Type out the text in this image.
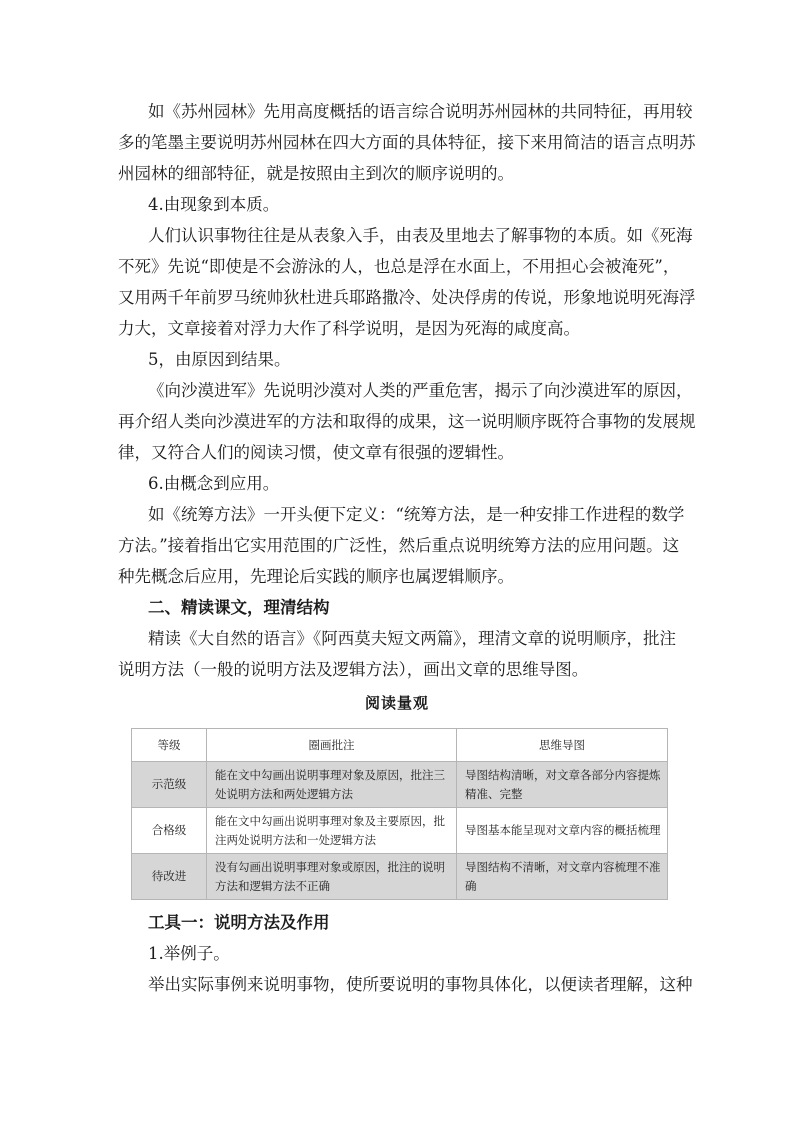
如《苏州园林》先用高度概括的语言综合说明苏州园林的共同特征，再用较
多的笔墨主要说明苏州园林在四大方面的具体特征，接下来用简洁的语言点明苏
州园林的细部特征，就是按照由主到次的顺序说明的。
4.由现象到本质。
人们认识事物往往是从表象入手，由表及里地去了解事物的本质。如《死海
不死》先说“即使是不会游泳的人，也总是浮在水面上，不用担心会被淹死”，
又用两千年前罗马统帅狄杜进兵耶路撒冷、处决俘虏的传说，形象地说明死海浮
力大，文章接着对浮力大作了科学说明，是因为死海的咸度高。
5，由原因到结果。
《向沙漠进军》先说明沙漠对人类的严重危害，揭示了向沙漠进军的原因，
再介绍人类向沙漠进军的方法和取得的成果，这一说明顺序既符合事物的发展规
律，又符合人们的阅读习惯，使文章有很强的逻辑性。
6.由概念到应用。
如《统筹方法》一开头便下定义：“统筹方法，是一种安排工作进程的数学
方法。”接着指出它实用范围的广泛性，然后重点说明统筹方法的应用问题。这
种先概念后应用，先理论后实践的顺序也属逻辑顺序。
二、精读课文，理清结构
精读《大自然的语言》《阿西莫夫短文两篇》，理清文章的说明顺序，批注
说明方法（一般的说明方法及逻辑方法），画出文章的思维导图。
阅读量观
等级	圈画批注	思维导图
示范级	能在文中勾画出说明事理对象及原因，批注三处说明方法和两处逻辑方法	导图结构清晰，对文章各部分内容提炼精准、完整
合格级	能在文中勾画出说明事理对象及主要原因，批注两处说明方法和一处逻辑方法	导图基本能呈现对文章内容的概括梳理
待改进	没有勾画出说明事理对象或原因，批注的说明方法和逻辑方法不正确	导图结构不清晰，对文章内容梳理不准确
工具一：说明方法及作用
1.举例子。
举出实际事例来说明事物，使所要说明的事物具体化，以便读者理解，这种
